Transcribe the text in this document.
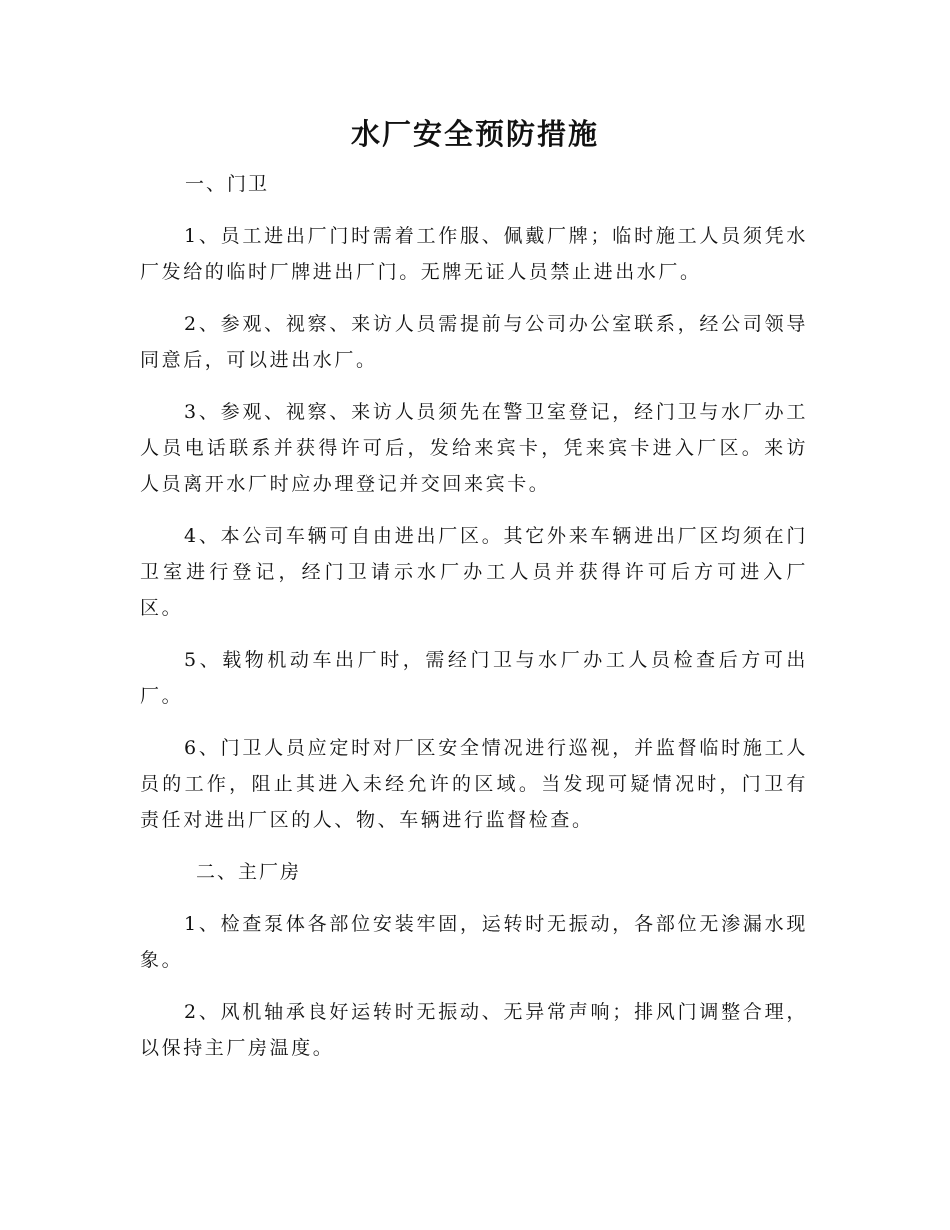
水厂安全预防措施

一、门卫

1、员工进出厂门时需着工作服、佩戴厂牌；临时施工人员须凭水厂发给的临时厂牌进出厂门。无牌无证人员禁止进出水厂。

2、参观、视察、来访人员需提前与公司办公室联系，经公司领导同意后，可以进出水厂。

3、参观、视察、来访人员须先在警卫室登记，经门卫与水厂办工人员电话联系并获得许可后，发给来宾卡，凭来宾卡进入厂区。来访人员离开水厂时应办理登记并交回来宾卡。

4、本公司车辆可自由进出厂区。其它外来车辆进出厂区均须在门卫室进行登记，经门卫请示水厂办工人员并获得许可后方可进入厂区。

5、载物机动车出厂时，需经门卫与水厂办工人员检查后方可出厂。

6、门卫人员应定时对厂区安全情况进行巡视，并监督临时施工人员的工作，阻止其进入未经允许的区域。当发现可疑情况时，门卫有责任对进出厂区的人、物、车辆进行监督检查。

二、主厂房

1、检查泵体各部位安装牢固，运转时无振动，各部位无渗漏水现象。

2、风机轴承良好运转时无振动、无异常声响；排风门调整合理，以保持主厂房温度。
